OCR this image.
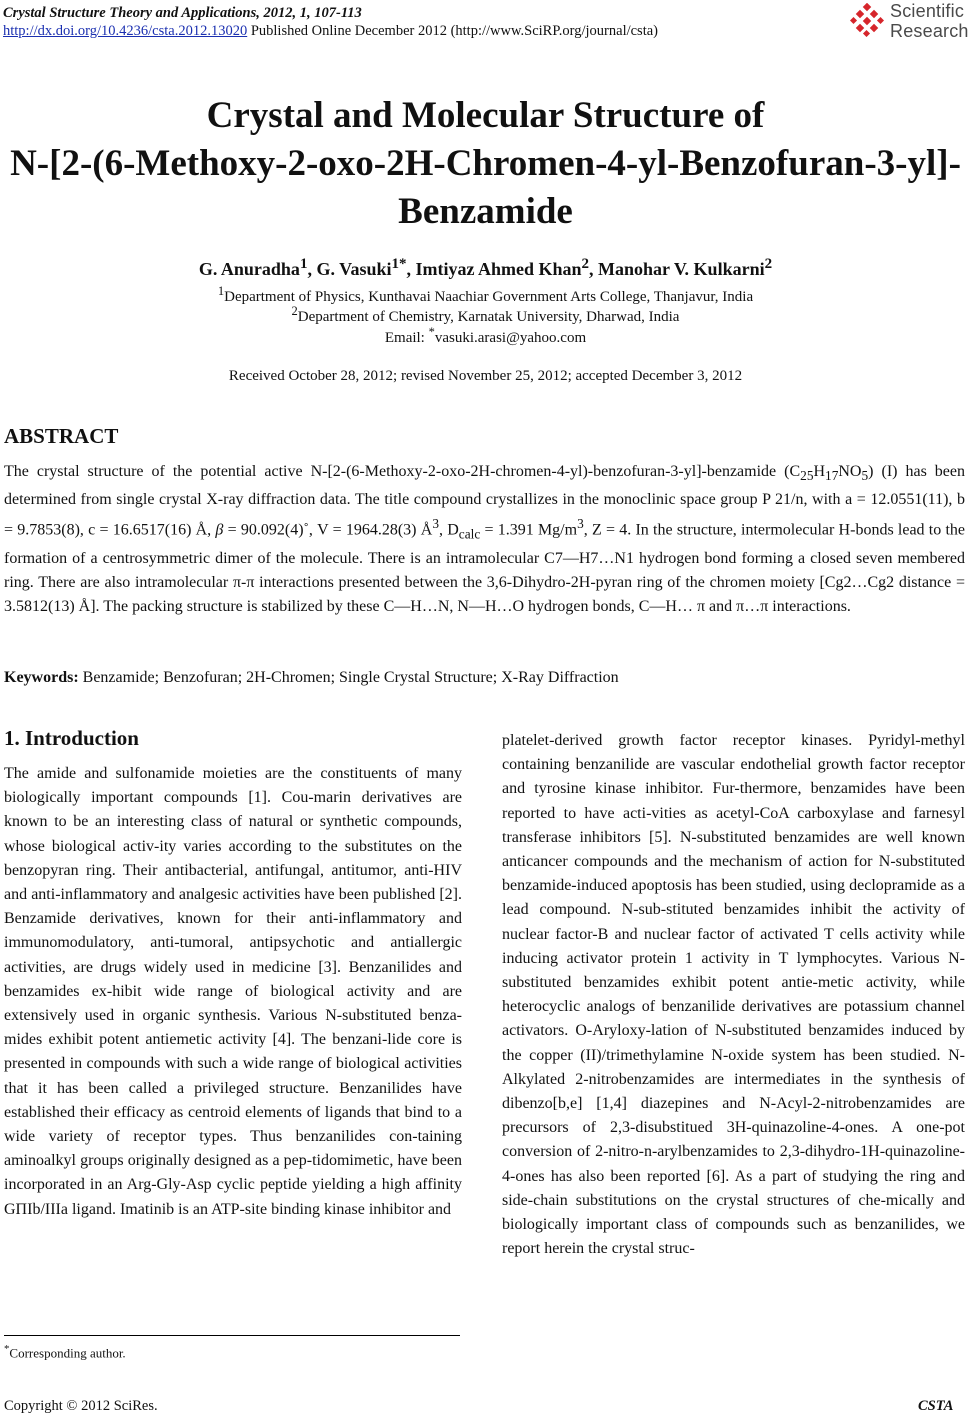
Crystal Structure Theory and Applications, 2012, 1, 107-113
http://dx.doi.org/10.4236/csta.2012.13020 Published Online December 2012 (http://www.SciRP.org/journal/csta)
Scientific
Research
Crystal and Molecular Structure of
N-[2-(6-Methoxy-2-oxo-2H-Chromen-4-yl-Benzofuran-3-yl]-
Benzamide
G. Anuradha$^1$, G. Vasuki$^{1*}$, Imtiyaz Ahmed Khan$^2$, Manohar V. Kulkarni$^2$
$^1$Department of Physics, Kunthavai Naachiar Government Arts College, Thanjavur, India
$^2$Department of Chemistry, Karnatak University, Dharwad, India
Email: *vasuki.arasi@yahoo.com
Received October 28, 2012; revised November 25, 2012; accepted December 3, 2012
ABSTRACT
The crystal structure of the potential active N-[2-(6-Methoxy-2-oxo-2H-chromen-4-yl)-benzofuran-3-yl]-benzamide $(C_{25}H_{17}NO_5)$ (I) has been determined from single crystal X-ray diffraction data. The title compound crystallizes in the monoclinic space group P 21/n, with a = 12.0551(11), b = 9.7853(8), c = 16.6517(16) Å, β = 90.092(4)˚, V = 1964.28(3) $Å^3$, $D_{calc} = 1.391$ $Mg/m^3$, Z = 4. In the structure, intermolecular H-bonds lead to the formation of a centrosymmetric dimer of the molecule. There is an intramolecular C7—H7…N1 hydrogen bond forming a closed seven membered ring. There are also intramolecular π-π interactions presented between the 3,6-Dihydro-2H-pyran ring of the chromen moiety [Cg2…Cg2 distance = 3.5812(13) Å]. The packing structure is stabilized by these C—H…N, N—H…O hydrogen bonds, C—H… π and π…π interactions.
Keywords: Benzamide; Benzofuran; 2H-Chromen; Single Crystal Structure; X-Ray Diffraction
1. Introduction
The amide and sulfonamide moieties are the constituents of many biologically important compounds [1]. Cou-marin derivatives are known to be an interesting class of natural or synthetic compounds, whose biological activ-ity varies according to the substitutes on the benzopyran ring. Their antibacterial, antifungal, antitumor, anti-HIV and anti-inflammatory and analgesic activities have been published [2]. Benzamide derivatives, known for their anti-inflammatory and immunomodulatory, anti-tumoral, antipsychotic and antiallergic activities, are drugs widely used in medicine [3]. Benzanilides and benzamides ex-hibit wide range of biological activity and are extensively used in organic synthesis. Various N-substituted benza-mides exhibit potent antiemetic activity [4]. The benzani-lide core is presented in compounds with such a wide range of biological activities that it has been called a privileged structure. Benzanilides have established their efficacy as centroid elements of ligands that bind to a wide variety of receptor types. Thus benzanilides con-taining aminoalkyl groups originally designed as a pep-tidomimetic, have been incorporated in an Arg-Gly-Asp cyclic peptide yielding a high affinity GПIb/IIIa ligand. Imatinib is an ATP-site binding kinase inhibitor and
platelet-derived growth factor receptor kinases. Pyridyl-methyl containing benzanilide are vascular endothelial growth factor receptor and tyrosine kinase inhibitor. Fur-thermore, benzamides have been reported to have acti-vities as acetyl-CoA carboxylase and farnesyl transferase inhibitors [5]. N-substituted benzamides are well known anticancer compounds and the mechanism of action for N-substituted benzamide-induced apoptosis has been studied, using declopramide as a lead compound. N-sub-stituted benzamides inhibit the activity of nuclear factor-B and nuclear factor of activated T cells activity while inducing activator protein 1 activity in T lymphocytes. Various N-substituted benzamides exhibit potent antie-metic activity, while heterocyclic analogs of benzanilide derivatives are potassium channel activators. O-Aryloxy-lation of N-substituted benzamides induced by the copper (II)/trimethylamine N-oxide system has been studied. N-Alkylated 2-nitrobenzamides are intermediates in the synthesis of dibenzo[b,e] [1,4] diazepines and N-Acyl-2-nitrobenzamides are precursors of 2,3-disubstitued 3H-quinazoline-4-ones. A one-pot conversion of 2-nitro-n-arylbenzamides to 2,3-dihydro-1H-quinazoline-4-ones has also been reported [6]. As a part of studying the ring and side-chain substitutions on the crystal structures of che-mically and biologically important class of compounds such as benzanilides, we report herein the crystal struc-
*Corresponding author.
Copyright © 2012 SciRes.	CSTA
